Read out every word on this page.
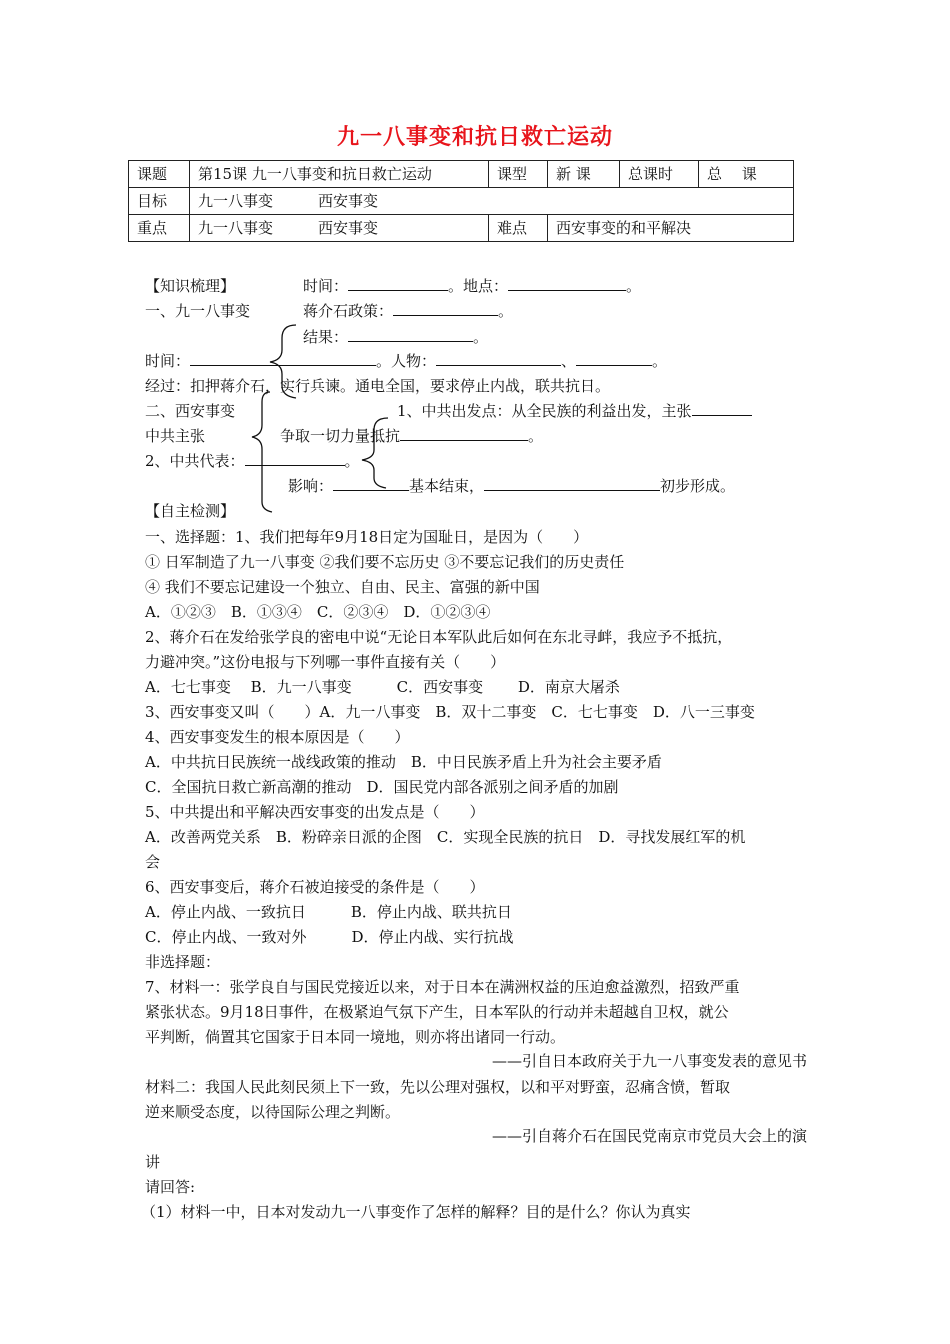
九一八事变和抗日救亡运动
课题	第15课 九一八事变和抗日救亡运动	课型	新 课	总课时	总　 课
目标	九一八事变　　　西安事变				
重点	九一八事变　　　西安事变	难点	西安事变的和平解决		
【知识梳理】	时间：	。地点：	。
一、九一八事变	蒋介石政策：	。
结果：	。
时间：	。人物：	、	。
经过：扣押蒋介石，实行兵谏。通电全国，要求停止内战，联共抗日。
二、西安事变	1、中共出发点：从全民族的利益出发，主张
中共主张	争取一切力量抵抗	。
2、中共代表：	。
影响：	基本结束，	初步形成。
【自主检测】
一、选择题：1、我们把每年9月18日定为国耻日，是因为（　　）
① 日军制造了九一八事变 ②我们要不忘历史 ③不要忘记我们的历史责任
④ 我们不要忘记建设一个独立、自由、民主、富强的新中国
A．①②③　B．①③④　C．②③④　D．①②③④
2、蒋介石在发给张学良的密电中说“无论日本军队此后如何在东北寻衅，我应予不抵抗，
力避冲突。”这份电报与下列哪一事件直接有关（　　）
A．七七事变　 B．九一八事变　　　C．西安事变　　 D．南京大屠杀
3、西安事变又叫（　　）A．九一八事变　B．双十二事变　C．七七事变　D．八一三事变
4、西安事变发生的根本原因是（　　）
A．中共抗日民族统一战线政策的推动　B．中日民族矛盾上升为社会主要矛盾
C．全国抗日救亡新高潮的推动　D．国民党内部各派别之间矛盾的加剧
5、中共提出和平解决西安事变的出发点是（　　）
A．改善两党关系　B．粉碎亲日派的企图　C．实现全民族的抗日　D．寻找发展红军的机
会
6、西安事变后，蒋介石被迫接受的条件是（　　）
A．停止内战、一致抗日　　　B．停止内战、联共抗日
C．停止内战、一致对外　　　D．停止内战、实行抗战
非选择题：
7、材料一：张学良自与国民党接近以来，对于日本在满洲权益的压迫愈益激烈，招致严重
紧张状态。9月18日事件，在极紧迫气氛下产生，日本军队的行动并未超越自卫权，就公
平判断，倘置其它国家于日本同一境地，则亦将出诸同一行动。
——引自日本政府关于九一八事变发表的意见书
材料二：我国人民此刻民须上下一致，先以公理对强权，以和平对野蛮，忍痛含愤，暂取
逆来顺受态度，以待国际公理之判断。
——引自蒋介石在国民党南京市党员大会上的演
讲
请回答:
（1）材料一中，日本对发动九一八事变作了怎样的解释？目的是什么？你认为真实
